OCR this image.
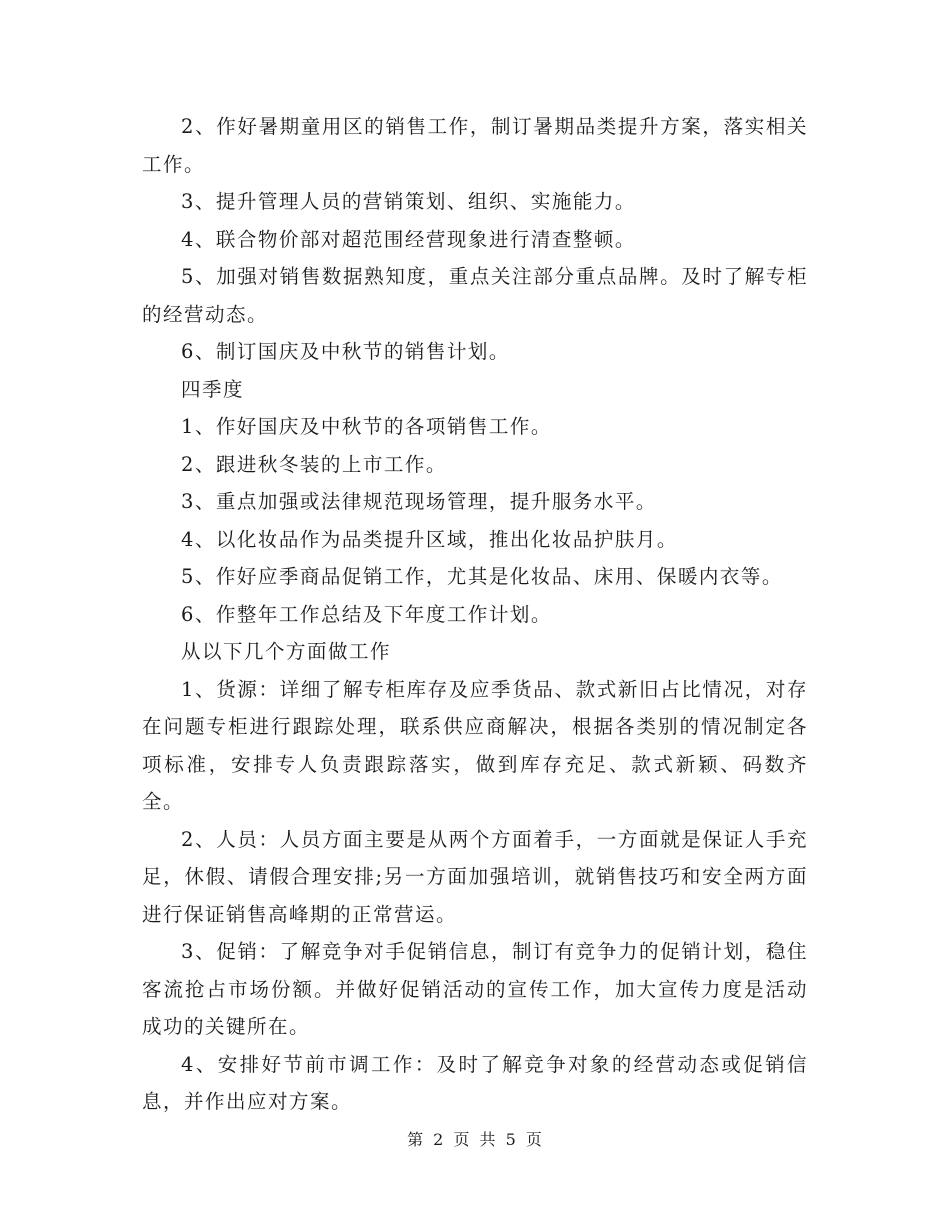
2、作好暑期童用区的销售工作，制订暑期品类提升方案，落实相关工作。

3、提升管理人员的营销策划、组织、实施能力。

4、联合物价部对超范围经营现象进行清查整顿。

5、加强对销售数据熟知度，重点关注部分重点品牌。及时了解专柜的经营动态。

6、制订国庆及中秋节的销售计划。

四季度

1、作好国庆及中秋节的各项销售工作。

2、跟进秋冬装的上市工作。

3、重点加强或法律规范现场管理，提升服务水平。

4、以化妆品作为品类提升区域，推出化妆品护肤月。

5、作好应季商品促销工作，尤其是化妆品、床用、保暖内衣等。

6、作整年工作总结及下年度工作计划。

从以下几个方面做工作

1、货源：详细了解专柜库存及应季货品、款式新旧占比情况，对存在问题专柜进行跟踪处理，联系供应商解决，根据各类别的情况制定各项标准，安排专人负责跟踪落实，做到库存充足、款式新颖、码数齐全。

2、人员：人员方面主要是从两个方面着手，一方面就是保证人手充足，休假、请假合理安排;另一方面加强培训，就销售技巧和安全两方面进行保证销售高峰期的正常营运。

3、促销：了解竞争对手促销信息，制订有竞争力的促销计划，稳住客流抢占市场份额。并做好促销活动的宣传工作，加大宣传力度是活动成功的关键所在。

4、安排好节前市调工作：及时了解竞争对象的经营动态或促销信息，并作出应对方案。

第 2 页 共 5 页
